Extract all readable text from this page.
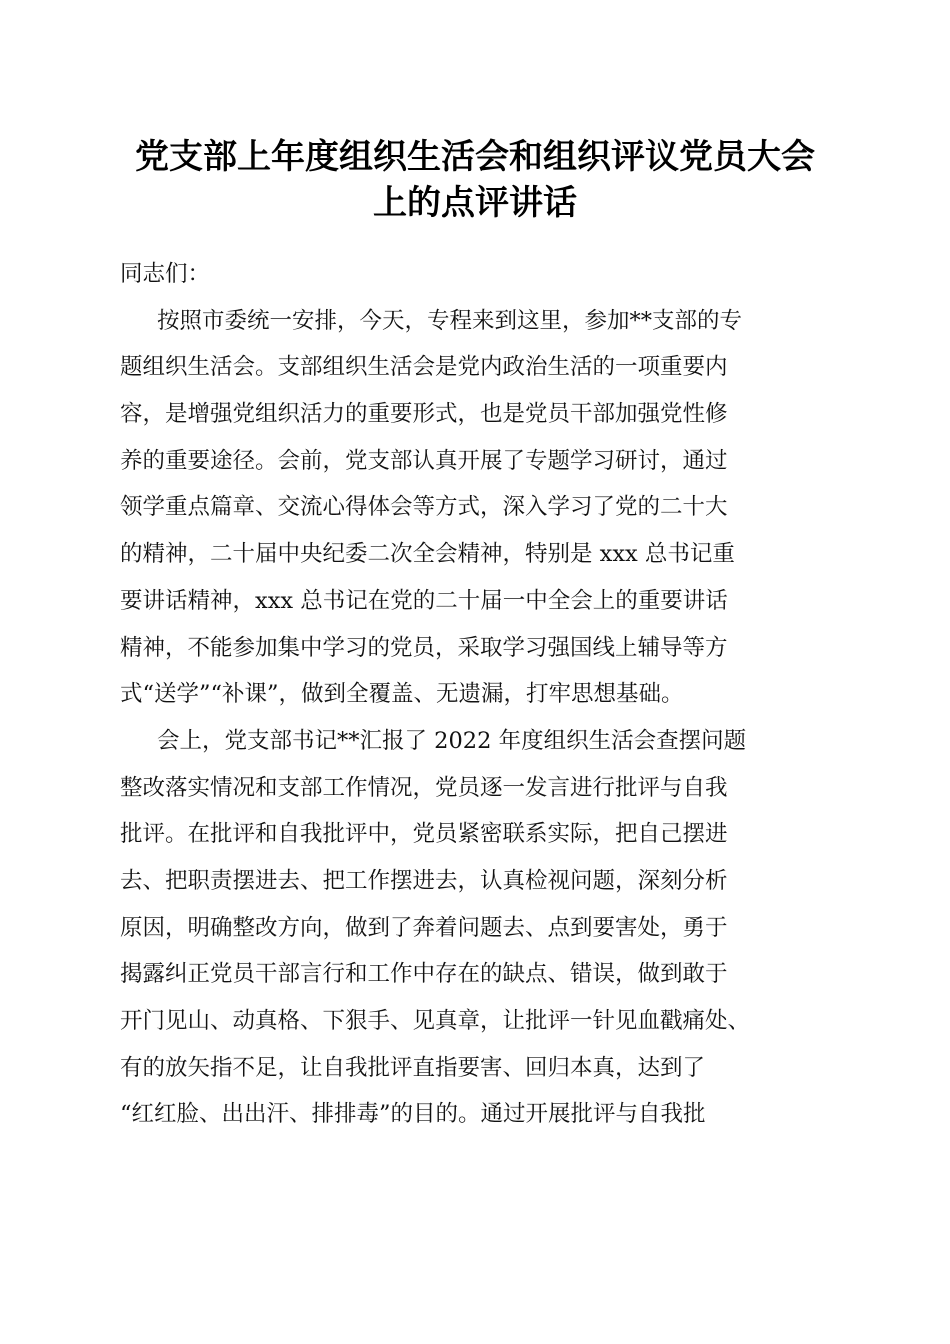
党支部上年度组织生活会和组织评议党员大会
上的点评讲话
同志们：
按照市委统一安排，今天，专程来到这里，参加**支部的专
题组织生活会。支部组织生活会是党内政治生活的一项重要内
容，是增强党组织活力的重要形式，也是党员干部加强党性修
养的重要途径。会前，党支部认真开展了专题学习研讨，通过
领学重点篇章、交流心得体会等方式，深入学习了党的二十大
的精神，二十届中央纪委二次全会精神，特别是 xxx 总书记重
要讲话精神，xxx 总书记在党的二十届一中全会上的重要讲话
精神，不能参加集中学习的党员，采取学习强国线上辅导等方
式“送学”“补课”，做到全覆盖、无遗漏，打牢思想基础。
会上，党支部书记**汇报了 2022 年度组织生活会查摆问题
整改落实情况和支部工作情况，党员逐一发言进行批评与自我
批评。在批评和自我批评中，党员紧密联系实际，把自己摆进
去、把职责摆进去、把工作摆进去，认真检视问题，深刻分析
原因，明确整改方向，做到了奔着问题去、点到要害处，勇于
揭露纠正党员干部言行和工作中存在的缺点、错误，做到敢于
开门见山、动真格、下狠手、见真章，让批评一针见血戳痛处、
有的放矢指不足，让自我批评直指要害、回归本真，达到了
“红红脸、出出汗、排排毒”的目的。通过开展批评与自我批
